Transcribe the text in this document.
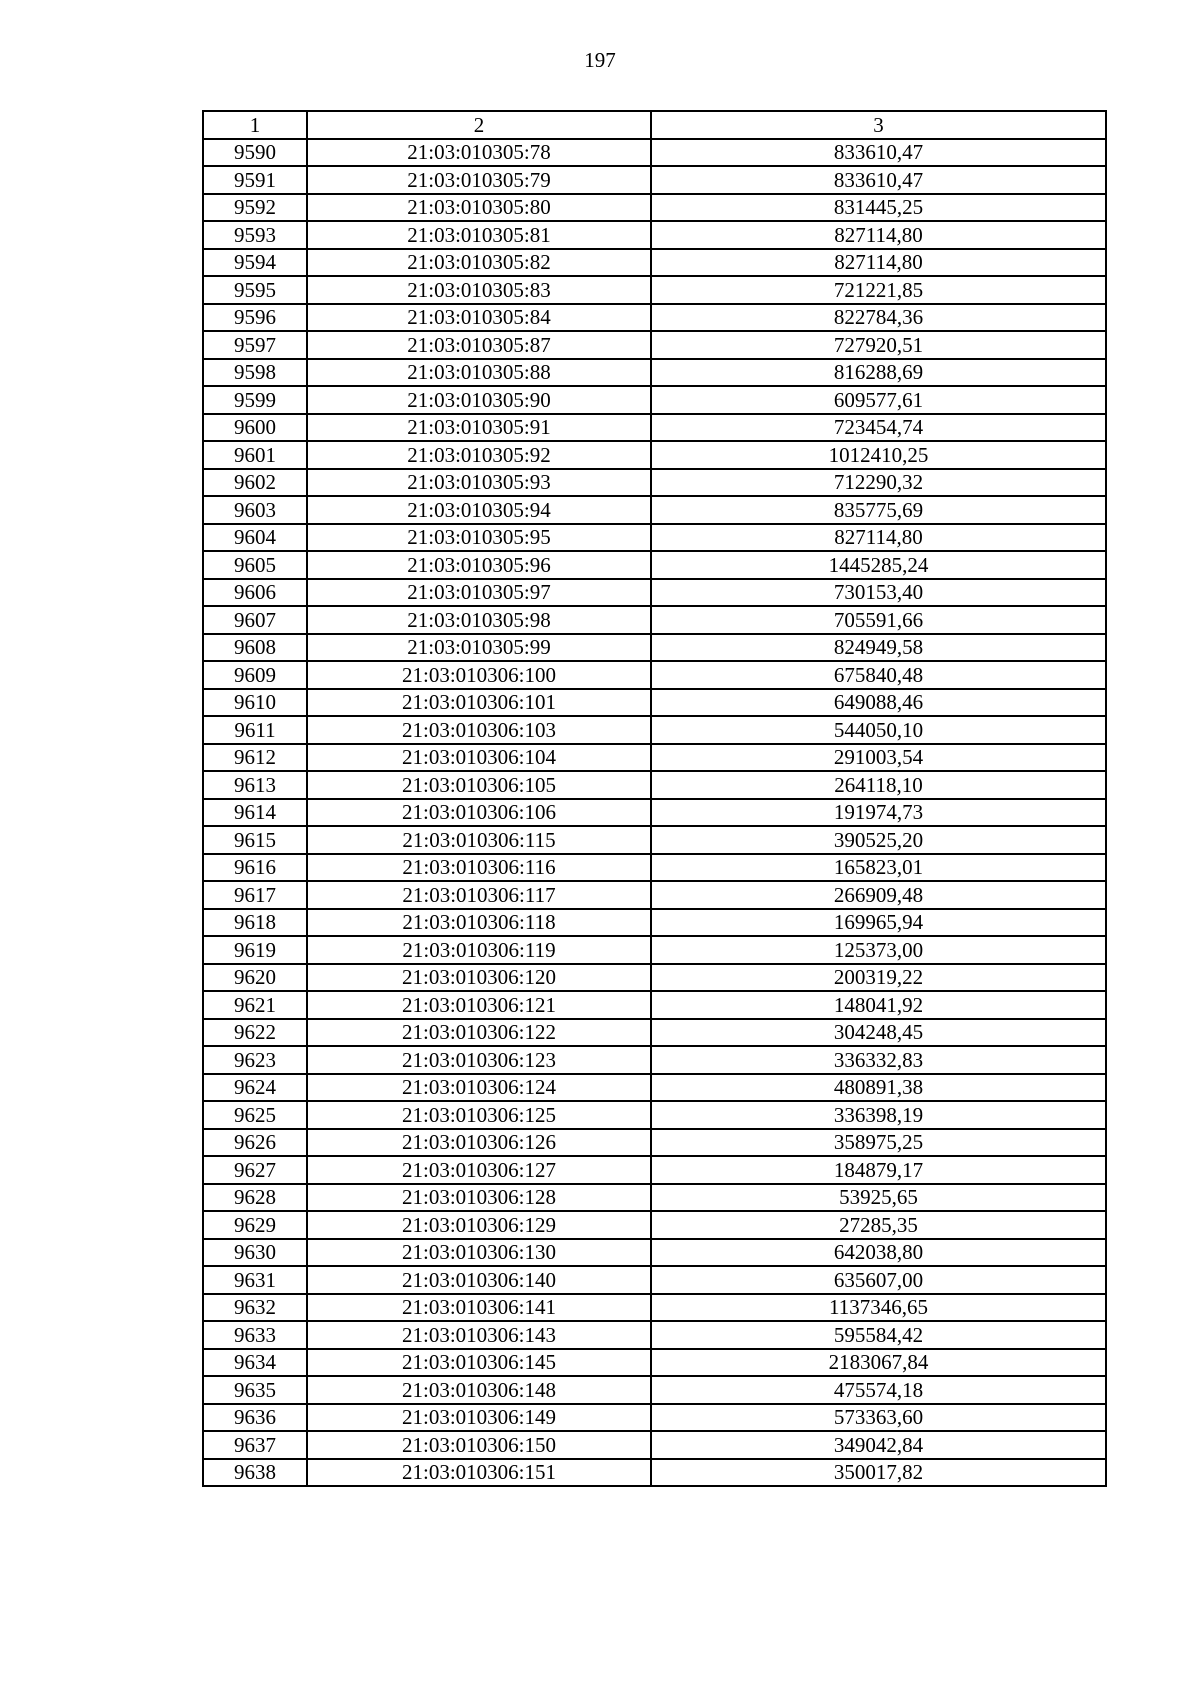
197
1	2	3
9590	21:03:010305:78	833610,47
9591	21:03:010305:79	833610,47
9592	21:03:010305:80	831445,25
9593	21:03:010305:81	827114,80
9594	21:03:010305:82	827114,80
9595	21:03:010305:83	721221,85
9596	21:03:010305:84	822784,36
9597	21:03:010305:87	727920,51
9598	21:03:010305:88	816288,69
9599	21:03:010305:90	609577,61
9600	21:03:010305:91	723454,74
9601	21:03:010305:92	1012410,25
9602	21:03:010305:93	712290,32
9603	21:03:010305:94	835775,69
9604	21:03:010305:95	827114,80
9605	21:03:010305:96	1445285,24
9606	21:03:010305:97	730153,40
9607	21:03:010305:98	705591,66
9608	21:03:010305:99	824949,58
9609	21:03:010306:100	675840,48
9610	21:03:010306:101	649088,46
9611	21:03:010306:103	544050,10
9612	21:03:010306:104	291003,54
9613	21:03:010306:105	264118,10
9614	21:03:010306:106	191974,73
9615	21:03:010306:115	390525,20
9616	21:03:010306:116	165823,01
9617	21:03:010306:117	266909,48
9618	21:03:010306:118	169965,94
9619	21:03:010306:119	125373,00
9620	21:03:010306:120	200319,22
9621	21:03:010306:121	148041,92
9622	21:03:010306:122	304248,45
9623	21:03:010306:123	336332,83
9624	21:03:010306:124	480891,38
9625	21:03:010306:125	336398,19
9626	21:03:010306:126	358975,25
9627	21:03:010306:127	184879,17
9628	21:03:010306:128	53925,65
9629	21:03:010306:129	27285,35
9630	21:03:010306:130	642038,80
9631	21:03:010306:140	635607,00
9632	21:03:010306:141	1137346,65
9633	21:03:010306:143	595584,42
9634	21:03:010306:145	2183067,84
9635	21:03:010306:148	475574,18
9636	21:03:010306:149	573363,60
9637	21:03:010306:150	349042,84
9638	21:03:010306:151	350017,82
